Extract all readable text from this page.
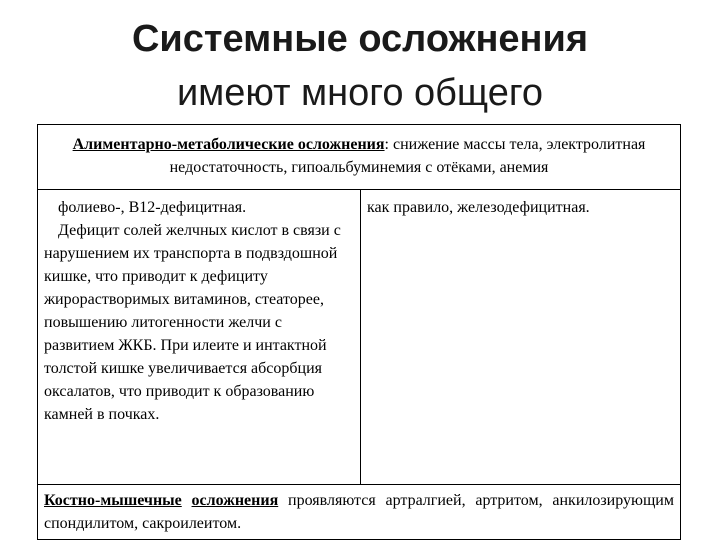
Системные осложнения
имеют много общего
Алиментарно-метаболические осложнения: снижение массы тела, электролитная недостаточность, гипоальбуминемия с отёками, анемия
фолиево-, В12-дефицитная.
Дефицит солей желчных кислот в связи с нарушением их транспорта в подвздошной кишке, что приводит к дефициту жирорастворимых витаминов, стеаторее, повышению литогенности желчи с развитием ЖКБ. При илеите и интактной толстой кишке увеличивается абсорбция оксалатов, что приводит к образованию камней в почках.
как правило, железодефицитная.
Костно-мышечные осложнения проявляются артралгией, артритом, анкилозирующим спондилитом, сакроилеитом.
